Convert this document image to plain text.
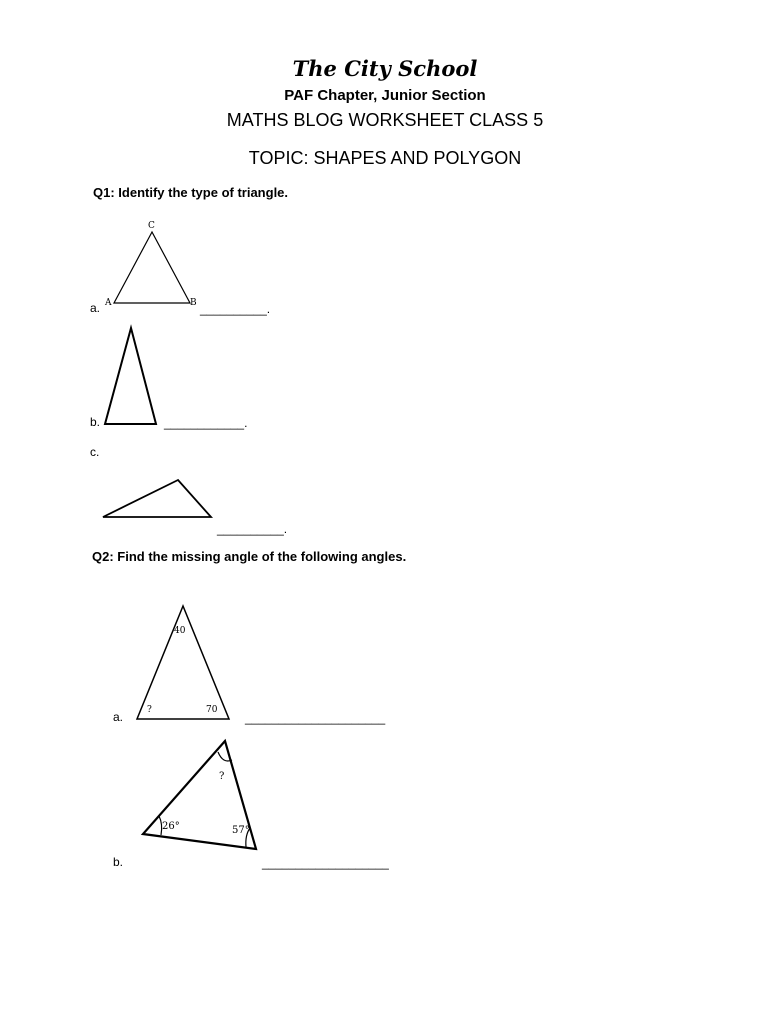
The City School
PAF Chapter, Junior Section
MATHS BLOG WORKSHEET CLASS 5
TOPIC: SHAPES AND POLYGON
Q1: Identify the type of triangle.
a.
C
A	B __________.
b.	____________.
c.
__________.
Q2: Find the missing angle of the following angles.
a.
40
?	70
_____________________
b.
?
26°	57°
___________________
